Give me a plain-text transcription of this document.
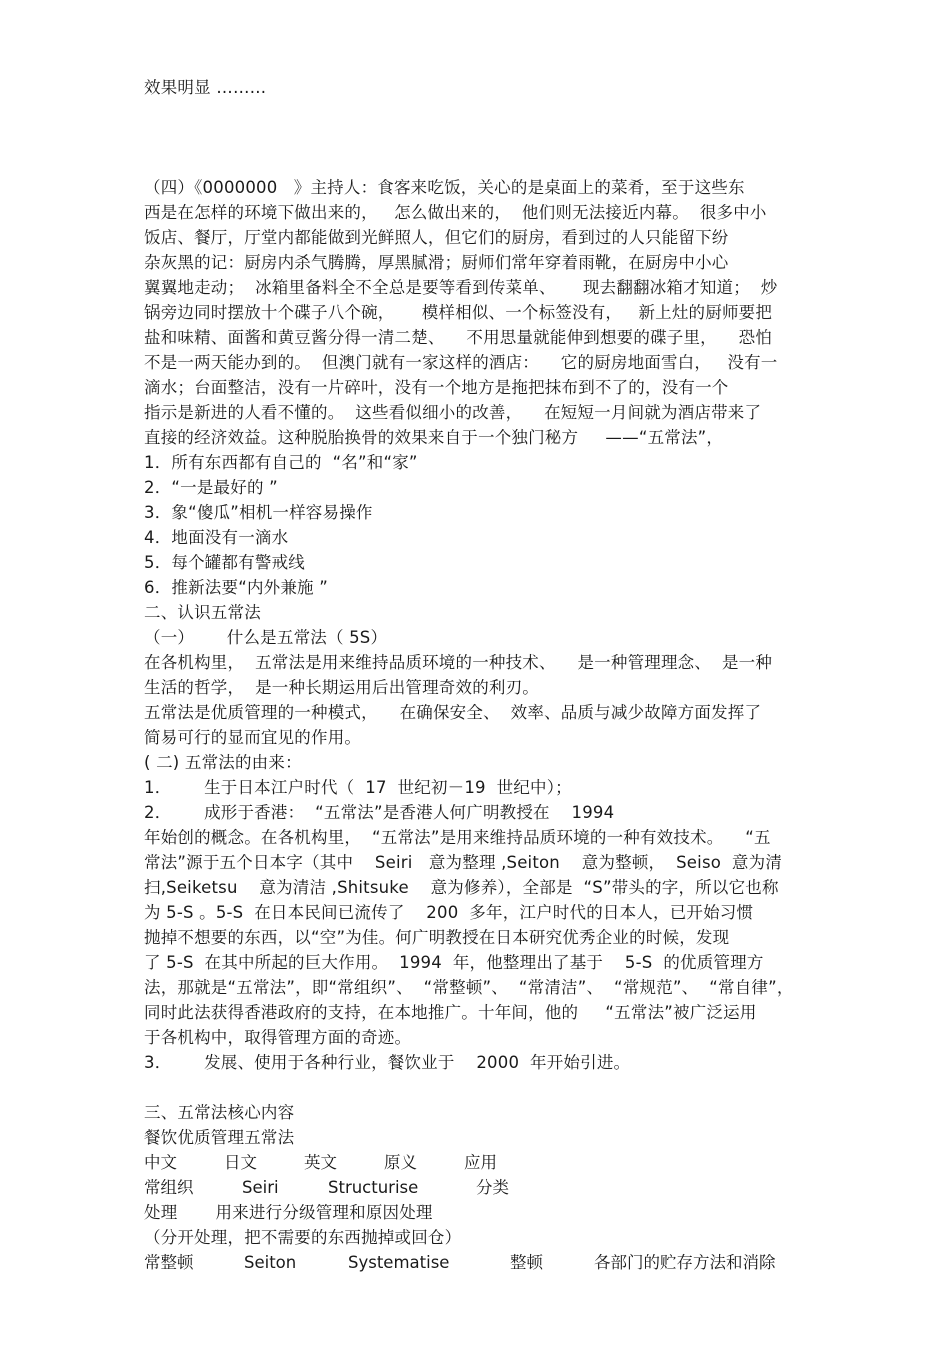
效果明显 ………
（四）《0000000   》主持人：食客来吃饭，关心的是桌面上的菜肴，至于这些东
西是在怎样的环境下做出来的，   怎么做出来的，  他们则无法接近内幕。  很多中小
饭店、餐厅，厅堂内都能做到光鲜照人，但它们的厨房，看到过的人只能留下纷
杂灰黑的记：厨房内杀气腾腾，厚黑腻滑；厨师们常年穿着雨靴，在厨房中小心
翼翼地走动；  冰箱里备料全不全总是要等看到传菜单、     现去翻翻冰箱才知道；  炒
锅旁边同时摆放十个碟子八个碗，     模样相似、一个标签没有，   新上灶的厨师要把
盐和味精、面酱和黄豆酱分得一清二楚、    不用思量就能伸到想要的碟子里，    恐怕
不是一两天能办到的。  但澳门就有一家这样的酒店：    它的厨房地面雪白，   没有一
滴水；台面整洁，没有一片碎叶，没有一个地方是拖把抹布到不了的，没有一个
指示是新进的人看不懂的。  这些看似细小的改善，    在短短一月间就为酒店带来了
直接的经济效益。这种脱胎换骨的效果来自于一个独门秘方     ——“五常法”，
1．所有东西都有自己的  “名”和“家”
2．“一是最好的 ”
3．象“傻瓜”相机一样容易操作
4．地面没有一滴水
5．每个罐都有警戒线
6．推新法要“内外兼施 ”
二、认识五常法
（一）      什么是五常法（ 5S）
在各机构里，  五常法是用来维持品质环境的一种技术、    是一种管理理念、  是一种
生活的哲学，  是一种长期运用后出管理奇效的利刃。
五常法是优质管理的一种模式，    在确保安全、  效率、品质与减少故障方面发挥了
简易可行的显而宜见的作用。
( 二) 五常法的由来：
1．      生于日本江户时代（  17  世纪初－19  世纪中）；
2．      成形于香港：  “五常法”是香港人何广明教授在    1994
年始创的概念。在各机构里，  “五常法”是用来维持品质环境的一种有效技术。    “五
常法”源于五个日本字（其中    Seiri   意为整理 ,Seiton    意为整顿，  Seiso  意为清
扫,Seiketsu    意为清洁 ,Shitsuke    意为修养），全部是  “S”带头的字，所以它也称
为 5-S 。5-S  在日本民间已流传了    200  多年，江户时代的日本人，已开始习惯
抛掉不想要的东西，以“空”为佳。何广明教授在日本研究优秀企业的时候，发现
了 5-S  在其中所起的巨大作用。  1994  年，他整理出了基于    5-S  的优质管理方
法，那就是“五常法”，即“常组织”、  “常整顿”、  “常清洁”、  “常规范”、  “常自律”，
同时此法获得香港政府的支持，在本地推广。十年间，他的     “五常法”被广泛运用
于各机构中，取得管理方面的奇迹。
3．      发展、使用于各种行业，餐饮业于    2000  年开始引进。
三、五常法核心内容
餐饮优质管理五常法
中文	日文	英文	原义	应用
常组织	Seiri	Structurise	分类
处理       用来进行分级管理和原因处理
（分开处理，把不需要的东西抛掉或回仓）
常整顿	Seiton	Systematise	整顿	各部门的贮存方法和消除
